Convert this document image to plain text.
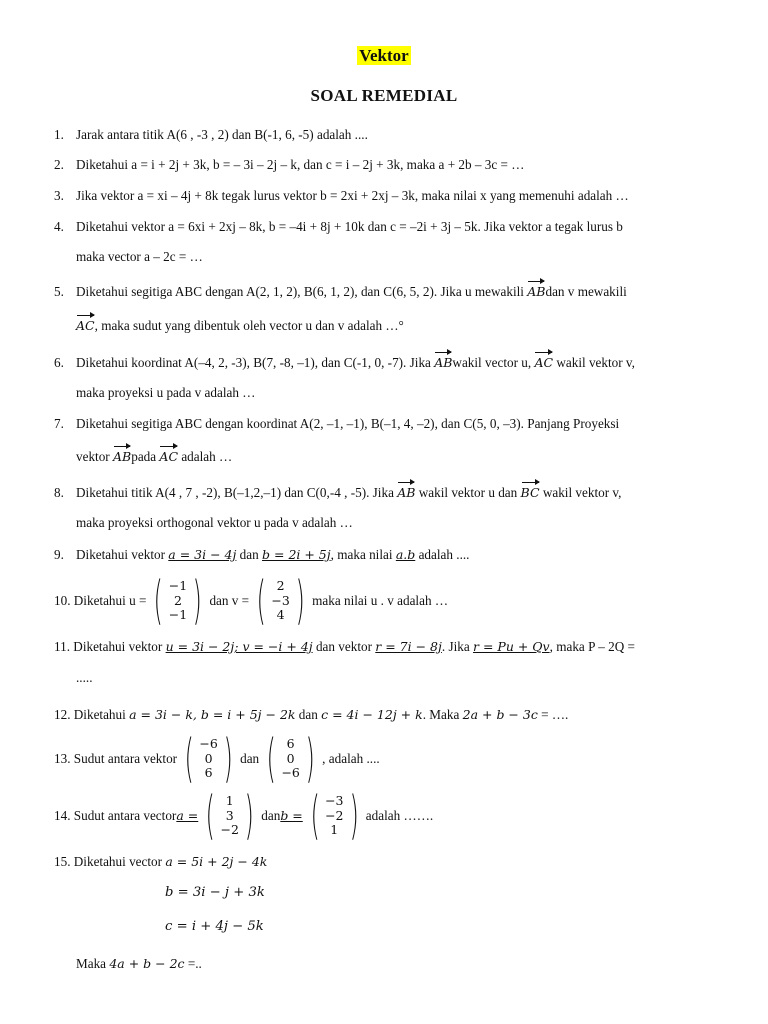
Vektor
SOAL REMEDIAL
1. Jarak antara titik A(6 , -3 , 2) dan B(-1, 6, -5) adalah ....
2. Diketahui a = i + 2j + 3k, b = – 3i – 2j – k, dan c = i – 2j + 3k, maka a + 2b – 3c = …
3. Jika vektor a = xi – 4j + 8k tegak lurus vektor b = 2xi + 2xj – 3k, maka nilai x yang memenuhi adalah …
4. Diketahui vektor a = 6xi + 2xj – 8k, b = –4i + 8j + 10k dan c = –2i + 3j – 5k. Jika vektor a tegak lurus b
maka vector a – 2c = …
5. Diketahui segitiga ABC dengan A(2, 1, 2), B(6, 1, 2), dan C(6, 5, 2). Jika u mewakili ABdan v mewakili
AC, maka sudut yang dibentuk oleh vector u dan v adalah …°
6. Diketahui koordinat A(–4, 2, -3), B(7, -8, –1), dan C(-1, 0, -7). Jika ABwakil vector u, AC wakil vektor v,
maka proyeksi u pada v adalah …
7. Diketahui segitiga ABC dengan koordinat A(2, –1, –1), B(–1, 4, –2), dan C(5, 0, –3). Panjang Proyeksi
vektor ABpada AC adalah …
8. Diketahui titik A(4 , 7 , -2), B(–1,2,–1) dan C(0,-4 , -5). Jika AB wakil vektor u dan BC wakil vektor v,
maka proyeksi orthogonal vektor u pada v adalah …
9. Diketahui vektor a = 3i − 4j dan b = 2i + 5j, maka nilai a.b adalah ....
10.
Diketahui u = ( −1
2
−1 ) dan v = ( 2
−3
4 ) maka nilai u . v adalah …
11. Diketahui vektor u = 3i − 2j; v = −i + 4j dan vektor r = 7i − 8j. Jika r = Pu + Qv, maka P – 2Q =
.....
12. Diketahui a = 3i − k, b = i + 5j − 2k dan c = 4i − 12j + k. Maka 2a + b − 3c = ….
13.
Sudut antara vektor ( −6
0
6 ) dan ( 6
0
−6 ) , adalah ....
14.
Sudut antara vector a = ( 1
3
−2 ) dan b = ( −3
−2
1 ) adalah …….
15. Diketahui vector a = 5i + 2j − 4k
b = 3i − j + 3k
c = i + 4j − 5k
Maka 4a + b − 2c =..
